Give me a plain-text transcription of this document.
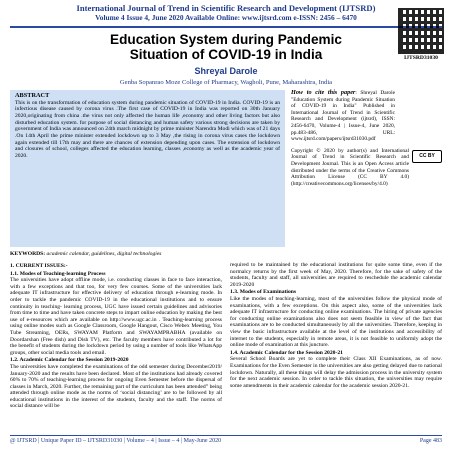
International Journal of Trend in Scientific Research and Development (IJTSRD)
Volume 4 Issue 4, June 2020 Available Online: www.ijtsrd.com e-ISSN: 2456 – 6470
Education System during Pandemic
Situation of COVID-19 in India
Shreyal Darole
Genba Sopanrao Moze College of Pharmacy, Wagholi, Pune, Maharashtra, India
ABSTRACT
This is on the transformation of education system during pandemic situation of COVID-19 in India. COVID-19 is an infectious disease caused by corona virus .The first case of COVID-19 in India was reported on 30th January 2020,originating from china .the virus not only affected the human life ,economy and other living factors but also disturbed education system. for purpose of social distancing and human safety various strong decisions are taken by government of India was announced on 24th march midnight by prime minister Narendra Modi which was of 21 days .On 14th April the prime minister extended lockdown up to 3 May ,the rising in corona virus cases the lockdown again extended till 17th may and there are chances of extension depending upon cases. The extension of lockdown and closures of school, colleges affected the education learning, classes ,economy as well as the academic year of 2020.
KEYWORDS: academic calendar, guidelines, digital technologies
How to cite this paper: Shreyal Darole "Education System during Pandemic Situation of COVID-19 in India" Published in International Journal of Trend in Scientific Research and Development (ijtsrd), ISSN: 2456-6470, Volume-4 | Issue-4, June 2020, pp.483-486, URL: www.ijtsrd.com/papers/ijtsrd31030.pdf
Copyright © 2020 by author(s) and International Journal of Trend in Scientific Research and Development Journal. This is an Open Access article distributed under the terms of the Creative Commons Attribution License (CC BY 4.0) (http://creativecommons.org/licenses/by/4.0)
CC BY
IJTSRD31030
1. CURRENT ISSUES:-
1.1. Modes of Teaching-learning Process

The universities have adopt offline mode, i.e. conducting classes in face to face interaction, with a few exceptions and that too, for very few courses. Some of the universities lack adequate IT infrastructure for effective delivery of education through e-learning mode. In order to tackle the pandemic COVID-19 in the educational institutions and to ensure continuity in teaching- learning process, UGC have issued certain guidelines and advisories from time to time and have taken concrete steps to impart online education by making the best use of e-resources which are available on http://www.ugc.ac.in . Teaching-learning process using online modes such as Google Classroom, Google Hangout, Cisco Webex Meeting, You Tube Streaming, OERs, SWAYAM Platform and SWAYAMPRABHA (available on Doordarshan (Free dish) and Dish TV), etc. The faculty members have contributed a lot for the benefit of students during the lockdown period by using a number of tools like WhatsApp groups, other social media tools and email.

1.2. Academic Calendar for the Session 2019-2020

The universities have completed the examinations of the odd semester during December2019/ January-2020 and the results have been declared. Most of the institutions had already covered 60% to 70% of teaching-learning process for ongoing Even Semester before the dispersal of classes in March, 2020. Further, the remaining part of the curriculum has been attended” being attended through online mode as the norms of ‘social distancing’ are to be followed by all educational institutions in the interest of the students, faculty and the staff. The norms of social distance will be

required to be maintained by the educational institutions for quite some time, even if the normalcy returns by the first week of May, 2020. Therefore, for the sake of safety of the students, faculty and staff, all universities are required to reschedule the academic calendar 2019-2020

1.3. Modes of Examinations

Like the modes of teaching-learning, most of the universities follow the physical mode of examinations, with a few exceptions. On this aspect also, some of the universities lack adequate IT infrastructure for conducting online examinations. The hiring of private agencies for conducting online examinations also does not seem feasible in view of the fact that examinations are to be conducted simultaneously by all the universities. Therefore, keeping in view the basic infrastructure available at the level of the institutions and accessibility of internet to the students, especially in remote areas, it is not feasible to uniformly adopt the online mode of examination at this juncture.

1.4. Academic Calendar for the Session 2020-21

Several School Boards are yet to complete their Class XII Examinations, as of now. Examinations for the Even Semester in the universities are also getting delayed due to national lockdown. Naturally, all these things will delay the admission process in the university system for the next academic session. In order to tackle this situation, the universities may require some amendments in their academic calendar for the academic session 2020-21.

@ IJTSRD | Unique Paper ID – IJTSRD31030 | Volume – 4 | Issue – 4 | May-June 2020	Page 483
